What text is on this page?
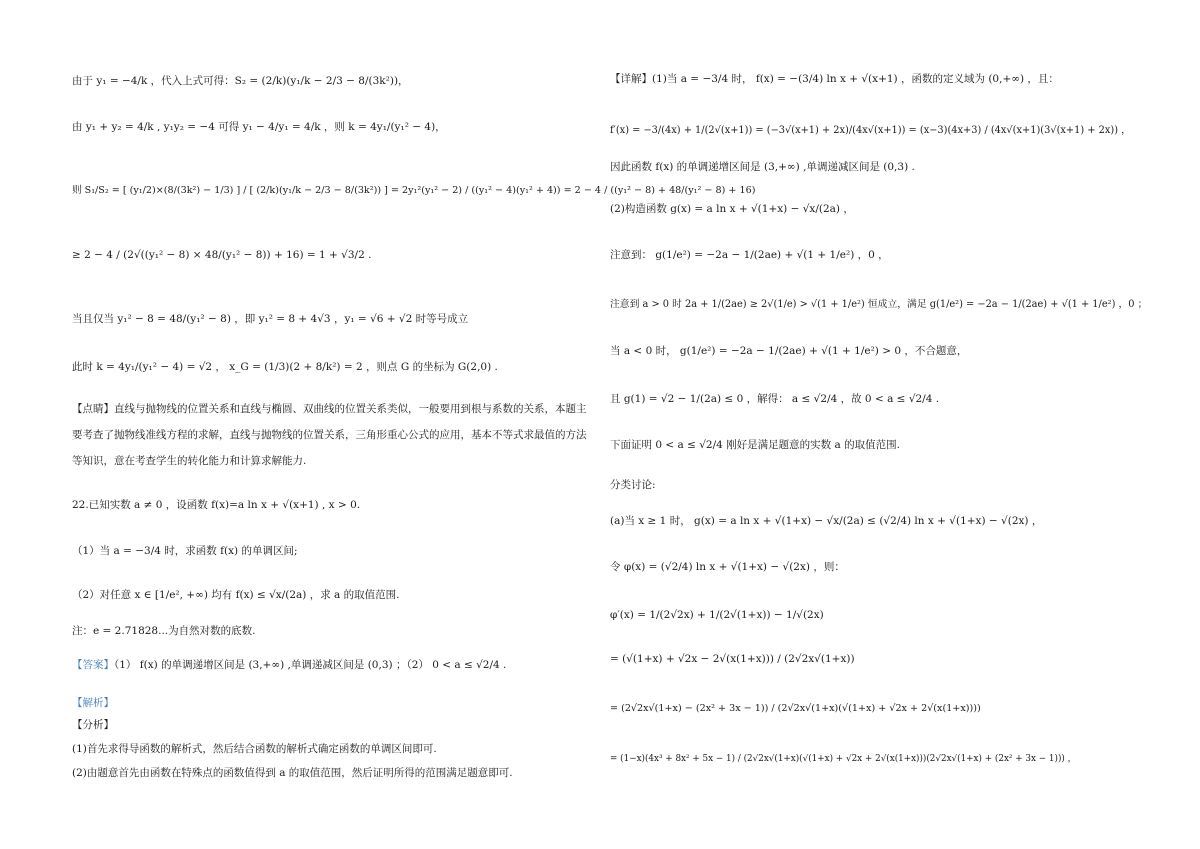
由于 y₁ = −4/k ，代入上式可得：S₂ = (2/k)(y₁/k − 2/3 − 8/(3k²))，
由 y₁ + y₂ = 4/k , y₁y₂ = −4 可得 y₁ − 4/y₁ = 4/k ，则 k = 4y₁/(y₁² − 4)，
则 S₁/S₂ = [ (y₁/2)×(8/(3k²) − 1/3) ] / [ (2/k)(y₁/k − 2/3 − 8/(3k²)) ] = 2y₁²(y₁² − 2) / ((y₁² − 4)(y₁² + 4)) = 2 − 4 / ((y₁² − 8) + 48/(y₁² − 8) + 16)
≥ 2 − 4 / (2√((y₁² − 8) × 48/(y₁² − 8)) + 16) = 1 + √3/2 .
当且仅当 y₁² − 8 = 48/(y₁² − 8) ，即 y₁² = 8 + 4√3 ，y₁ = √6 + √2 时等号成立
此时 k = 4y₁/(y₁² − 4) = √2 ， x_G = (1/3)(2 + 8/k²) = 2 ，则点 G 的坐标为 G(2,0) .
【点睛】直线与抛物线的位置关系和直线与椭圆、双曲线的位置关系类似，一般要用到根与系数的关系，本题主要考查了抛物线准线方程的求解，直线与抛物线的位置关系，三角形重心公式的应用，基本不等式求最值的方法等知识，意在考查学生的转化能力和计算求解能力.
22.已知实数 a ≠ 0 ，设函数 f(x)=a ln x + √(x+1) , x > 0.
（1）当 a = −3/4 时，求函数 f(x) 的单调区间;
（2）对任意 x ∈ [1/e², +∞) 均有 f(x) ≤ √x/(2a) ，求 a 的取值范围.
注：e = 2.71828...为自然对数的底数.
【答案】（1） f(x) 的单调递增区间是 (3,+∞) ,单调递减区间是 (0,3) ；（2） 0 < a ≤ √2/4 .
【解析】
【分析】
(1)首先求得导函数的解析式，然后结合函数的解析式确定函数的单调区间即可.
(2)由题意首先由函数在特殊点的函数值得到 a 的取值范围，然后证明所得的范围满足题意即可.
【详解】(1)当 a = −3/4 时， f(x) = −(3/4) ln x + √(x+1) ，函数的定义域为 (0,+∞) ，且：
f′(x) = −3/(4x) + 1/(2√(x+1)) = (−3√(x+1) + 2x)/(4x√(x+1)) = (x−3)(4x+3) / (4x√(x+1)(3√(x+1) + 2x)) ，
因此函数 f(x) 的单调递增区间是 (3,+∞) ,单调递减区间是 (0,3) .
(2)构造函数 g(x) = a ln x + √(1+x) − √x/(2a) ，
注意到： g(1/e²) = −2a − 1/(2ae) + √(1 + 1/e²) ，0 ，
注意到 a > 0 时 2a + 1/(2ae) ≥ 2√(1/e) > √(1 + 1/e²) 恒成立，满足 g(1/e²) = −2a − 1/(2ae) + √(1 + 1/e²) ，0 ；
当 a < 0 时， g(1/e²) = −2a − 1/(2ae) + √(1 + 1/e²) > 0 ，不合题意，
且 g(1) = √2 − 1/(2a) ≤ 0 ，解得： a ≤ √2/4 ，故 0 < a ≤ √2/4 .
下面证明 0 < a ≤ √2/4 刚好是满足题意的实数 a 的取值范围.
分类讨论:
(a)当 x ≥ 1 时， g(x) = a ln x + √(1+x) − √x/(2a) ≤ (√2/4) ln x + √(1+x) − √(2x) ，
令 φ(x) = (√2/4) ln x + √(1+x) − √(2x) ，则：
φ′(x) = 1/(2√2x) + 1/(2√(1+x)) − 1/√(2x)
= (√(1+x) + √2x − 2√(x(1+x))) / (2√2x√(1+x))
= (2√2x√(1+x) − (2x² + 3x − 1)) / (2√2x√(1+x)(√(1+x) + √2x + 2√(x(1+x))))
= (1−x)(4x³ + 8x² + 5x − 1) / (2√2x√(1+x)(√(1+x) + √2x + 2√(x(1+x)))(2√2x√(1+x) + (2x² + 3x − 1))) ，
